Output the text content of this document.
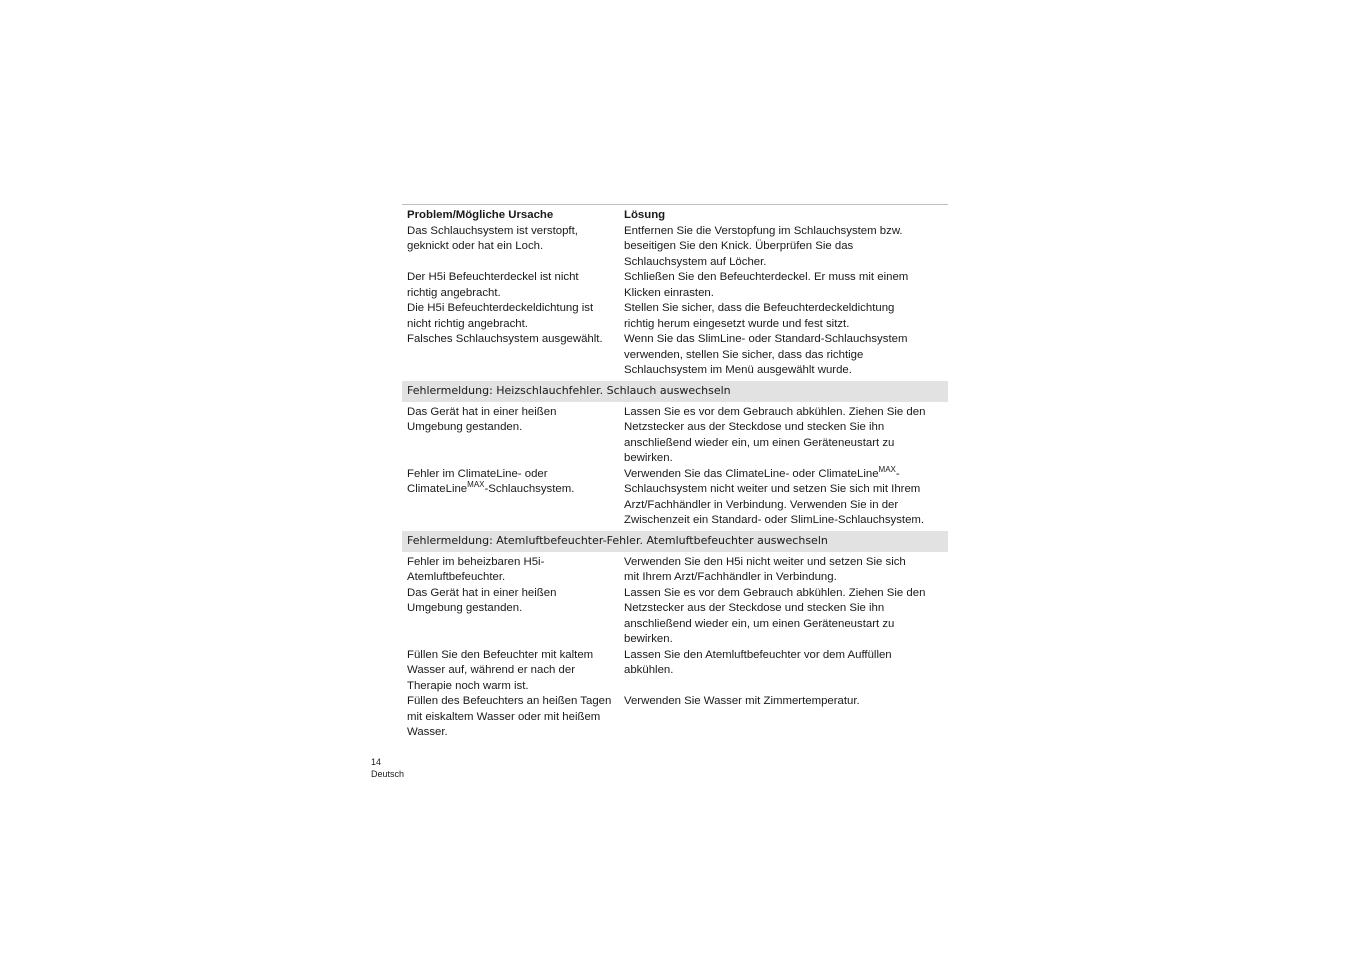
Problem/Mögliche Ursache	Lösung
Das Schlauchsystem ist verstopft,
geknickt oder hat ein Loch.
Entfernen Sie die Verstopfung im Schlauchsystem bzw.
beseitigen Sie den Knick. Überprüfen Sie das
Schlauchsystem auf Löcher.
Der H5i Befeuchterdeckel ist nicht
richtig angebracht.
Schließen Sie den Befeuchterdeckel. Er muss mit einem
Klicken einrasten.
Die H5i Befeuchterdeckeldichtung ist
nicht richtig angebracht.
Stellen Sie sicher, dass die Befeuchterdeckeldichtung
richtig herum eingesetzt wurde und fest sitzt.
Falsches Schlauchsystem ausgewählt.	Wenn Sie das SlimLine- oder Standard-Schlauchsystem
verwenden, stellen Sie sicher, dass das richtige
Schlauchsystem im Menü ausgewählt wurde.
Fehlermeldung: Heizschlauchfehler. Schlauch auswechseln
Das Gerät hat in einer heißen
Umgebung gestanden.
Lassen Sie es vor dem Gebrauch abkühlen. Ziehen Sie den
Netzstecker aus der Steckdose und stecken Sie ihn
anschließend wieder ein, um einen Geräteneustart zu
bewirken.
Fehler im ClimateLine- oder
ClimateLine$^{MAX}$-Schlauchsystem.
Verwenden Sie das ClimateLine- oder ClimateLine$^{MAX}$-
Schlauchsystem nicht weiter und setzen Sie sich mit Ihrem
Arzt/Fachhändler in Verbindung. Verwenden Sie in der
Zwischenzeit ein Standard- oder SlimLine-Schlauchsystem.
Fehlermeldung: Atemluftbefeuchter-Fehler. Atemluftbefeuchter auswechseln
Fehler im beheizbaren H5i-
Atemluftbefeuchter.
Verwenden Sie den H5i nicht weiter und setzen Sie sich
mit Ihrem Arzt/Fachhändler in Verbindung.
Das Gerät hat in einer heißen
Umgebung gestanden.
Lassen Sie es vor dem Gebrauch abkühlen. Ziehen Sie den
Netzstecker aus der Steckdose und stecken Sie ihn
anschließend wieder ein, um einen Geräteneustart zu
bewirken.
Füllen Sie den Befeuchter mit kaltem
Wasser auf, während er nach der
Therapie noch warm ist.
Lassen Sie den Atemluftbefeuchter vor dem Auffüllen
abkühlen.
Füllen des Befeuchters an heißen Tagen
mit eiskaltem Wasser oder mit heißem
Wasser.
Verwenden Sie Wasser mit Zimmertemperatur.
14
Deutsch
